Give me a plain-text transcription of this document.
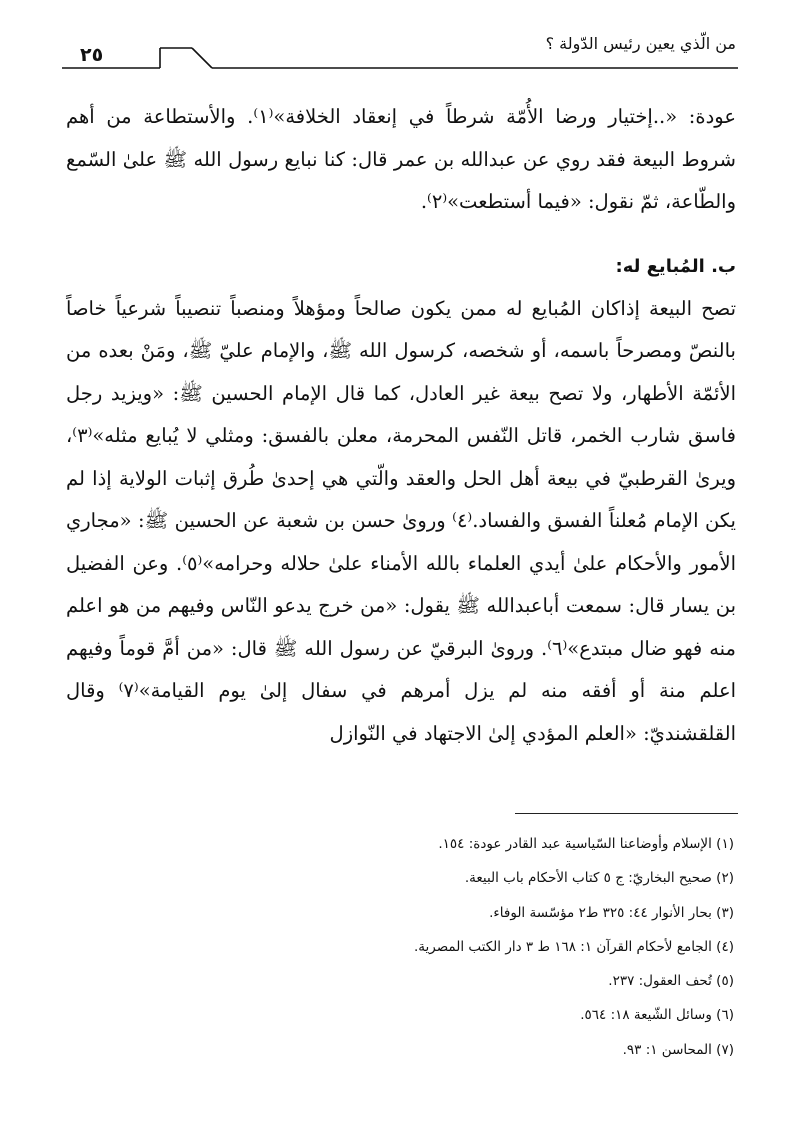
من الّذي يعين رئيس الدّولة ؟
٢٥

عودة: «..إختيار ورضا الأُمّة شرطاً في إنعقاد الخلافة»⁽١⁾. والأستطاعة من أهم شروط البيعة فقد روي عن عبدالله بن عمر قال: كنا نبايع رسول الله ﷺ علىٰ السّمع والطّاعة، ثمّ نقول: «فيما أستطعت»⁽٢⁾.

ب. المُبايع له:

تصح البيعة إذاكان المُبايع له ممن يكون صالحاً ومؤهلاً ومنصباً تنصيباً شرعياً خاصاً بالنصّ ومصرحاً باسمه، أو شخصه، كرسول الله ﷺ، والإمام عليّ ﷺ، ومَنْ بعده من الأئمّة الأطهار، ولا تصح بيعة غير العادل، كما قال الإمام الحسين ﷺ: «ويزيد رجل فاسق شارب الخمر، قاتل النّفس المحرمة، معلن بالفسق: ومثلي لا يُبايع مثله»⁽٣⁾، ويرىٰ القرطبيّ في بيعة أهل الحل والعقد والّتي هي إحدىٰ طُرق إثبات الولاية إذا لم يكن الإمام مُعلناً الفسق والفساد.⁽٤⁾ وروىٰ حسن بن شعبة عن الحسين ﷺ: «مجاري الأمور والأحكام علىٰ أيدي العلماء بالله الأمناء علىٰ حلاله وحرامه»⁽٥⁾. وعن الفضيل بن يسار قال: سمعت أباعبدالله ﷺ يقول: «من خرج يدعو النّاس وفيهم من هو اعلم منه فهو ضال مبتدع»⁽٦⁾. وروىٰ البرقيّ عن رسول الله ﷺ قال: «من أمَّ قوماً وفيهم اعلم منة أو أفقه منه لم يزل أمرهم في سفال إلىٰ يوم القيامة»⁽٧⁾ وقال القلقشنديّ: «العلم المؤدي إلىٰ الاجتهاد في النّوازل

(١) الإسلام وأوضاعنا السّياسية عبد القادر عودة: ١٥٤.
(٢) صحيح البخاريّ: ج ٥ كتاب الأحكام باب البيعة.
(٣) بحار الأنوار ٤٤: ٣٢٥ ط٢ مؤسّسة الوفاء.
(٤) الجامع لأحكام القرآن ١: ١٦٨ ط ٣ دار الكتب المصرية.
(٥) تُحف العقول: ٢٣٧.
(٦) وسائل الشّيعة ١٨: ٥٦٤.
(٧) المحاسن ١: ٩٣.
